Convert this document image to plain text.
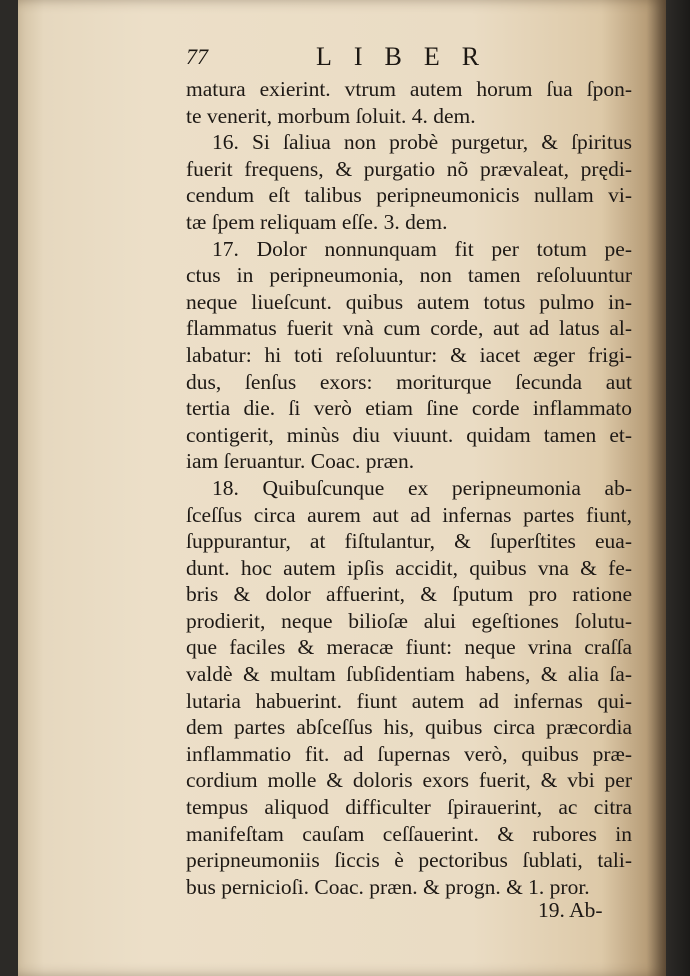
77	LIBER
matura exierint. vtrum autem horum ſua ſpon-
te venerit, morbum ſoluit. 4. dem.
16. Si ſaliua non probè purgetur, & ſpiritus
fuerit frequens, & purgatio nõ prævaleat, prędi-
cendum eſt talibus peripneumonicis nullam vi-
tæ ſpem reliquam eſſe. 3. dem.
17. Dolor nonnunquam fit per totum pe-
ctus in peripneumonia, non tamen reſoluuntur
neque liueſcunt. quibus autem totus pulmo in-
flammatus fuerit vnà cum corde, aut ad latus al-
labatur: hi toti reſoluuntur: & iacet æger frigi-
dus, ſenſus exors: moriturque ſecunda aut
tertia die. ſi verò etiam ſine corde inflammato
contigerit, minùs diu viuunt. quidam tamen et-
iam ſeruantur. Coac. præn.
18. Quibuſcunque ex peripneumonia ab-
ſceſſus circa aurem aut ad infernas partes fiunt,
ſuppurantur, at fiſtulantur, & ſuperſtites eua-
dunt. hoc autem ipſis accidit, quibus vna & fe-
bris & dolor affuerint, & ſputum pro ratione
prodierit, neque bilioſæ alui egeſtiones ſolutu-
que faciles & meracæ fiunt: neque vrina craſſa
valdè & multam ſubſidentiam habens, & alia ſa-
lutaria habuerint. fiunt autem ad infernas qui-
dem partes abſceſſus his, quibus circa præcordia
inflammatio fit. ad ſupernas verò, quibus præ-
cordium molle & doloris exors fuerit, & vbi per
tempus aliquod difficulter ſpirauerint, ac citra
manifeſtam cauſam ceſſauerint. & rubores in
peripneumoniis ſiccis è pectoribus ſublati, tali-
bus pernicioſi. Coac. præn. & progn. & 1. pror.
19. Ab-
